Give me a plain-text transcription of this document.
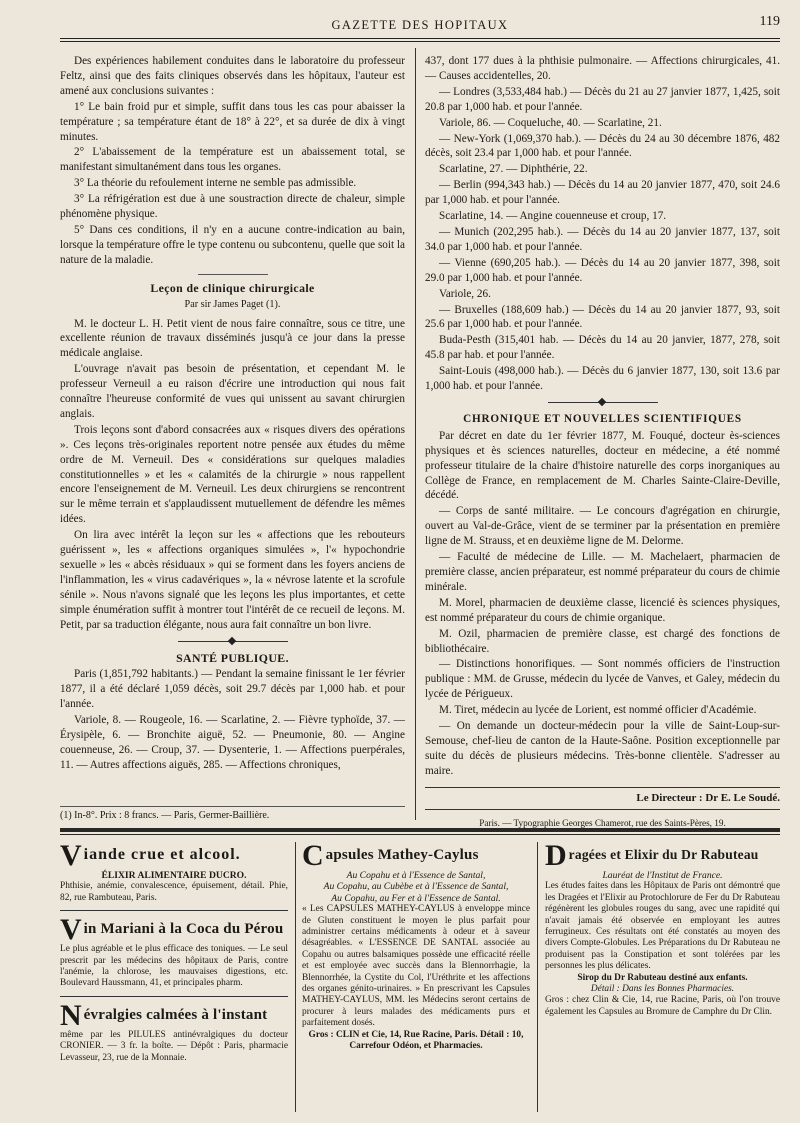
GAZETTE DES HOPITAUX	119

Des expériences habilement conduites dans le laboratoire du professeur Feltz, ainsi que des faits cliniques observés dans les hôpitaux, l'auteur est amené aux conclusions suivantes :

1° Le bain froid pur et simple, suffit dans tous les cas pour abaisser la température ; sa température étant de 18° à 22°, et sa durée de dix à vingt minutes.

2° L'abaissement de la température est un abaissement total, se manifestant simultanément dans tous les organes.

3° La théorie du refoulement interne ne semble pas admissible.

3° La réfrigération est due à une soustraction directe de chaleur, simple phénomène physique.

5° Dans ces conditions, il n'y en a aucune contre-indication au bain, lorsque la température offre le type contenu ou subcontenu, quelle que soit la nature de la maladie.

Leçon de clinique chirurgicale
Par sir James Paget (1).

M. le docteur L. H. Petit vient de nous faire connaître, sous ce titre, une excellente réunion de travaux disséminés jusqu'à ce jour dans la presse médicale anglaise.

L'ouvrage n'avait pas besoin de présentation, et cependant M. le professeur Verneuil a eu raison d'écrire une introduction qui nous fait connaître l'heureuse conformité de vues qui unissent au savant chirurgien anglais.

Trois leçons sont d'abord consacrées aux « risques divers des opérations ». Ces leçons très-originales reportent notre pensée aux études du même ordre de M. Verneuil. Des « considérations sur quelques maladies constitutionnelles » et les « calamités de la chirurgie » nous rappellent encore l'enseignement de M. Verneuil. Les deux chirurgiens se rencontrent sur le même terrain et s'applaudissent mutuellement de défendre les mêmes idées.

On lira avec intérêt la leçon sur les « affections que les rebouteurs guérissent », les « affections organiques simulées », l'« hypochondrie sexuelle » les « abcès résiduaux » qui se forment dans les foyers anciens de l'inflammation, les « virus cadavériques », la « névrose latente et la scrofule sénile ». Nous n'avons signalé que les leçons les plus importantes, et cette simple énumération suffit à montrer tout l'intérêt de ce recueil de leçons. M. Petit, par sa traduction élégante, nous aura fait connaître un bon livre.

SANTÉ PUBLIQUE.

Paris (1,851,792 habitants.) — Pendant la semaine finissant le 1er février 1877, il a été déclaré 1,059 décès, soit 29.7 décès par 1,000 hab. et pour l'année.

Variole, 8. — Rougeole, 16. — Scarlatine, 2. — Fièvre typhoïde, 37. — Érysipèle, 6. — Bronchite aiguë, 52. — Pneumonie, 80. — Angine couenneuse, 26. — Croup, 37. — Dysenterie, 1. — Affections puerpérales, 11. — Autres affections aiguës, 285. — Affections chroniques,

(1) In-8°. Prix : 8 francs. — Paris, Germer-Baillière.

437, dont 177 dues à la phthisie pulmonaire. — Affections chirurgicales, 41. — Causes accidentelles, 20.

— Londres (3,533,484 hab.) — Décès du 21 au 27 janvier 1877, 1,425, soit 20.8 par 1,000 hab. et pour l'année.

Variole, 86. — Coqueluche, 40. — Scarlatine, 21.

— New-York (1,069,370 hab.). — Décès du 24 au 30 décembre 1876, 482 décès, soit 23.4 par 1,000 hab. et pour l'année.

Scarlatine, 27. — Diphthérie, 22.

— Berlin (994,343 hab.) — Décès du 14 au 20 janvier 1877, 470, soit 24.6 par 1,000 hab. et pour l'année.

Scarlatine, 14. — Angine couenneuse et croup, 17.

— Munich (202,295 hab.). — Décès du 14 au 20 janvier 1877, 137, soit 34.0 par 1,000 hab. et pour l'année.

— Vienne (690,205 hab.). — Décès du 14 au 20 janvier 1877, 398, soit 29.0 par 1,000 hab. et pour l'année.

Variole, 26.

— Bruxelles (188,609 hab.) — Décès du 14 au 20 janvier 1877, 93, soit 25.6 par 1,000 hab. et pour l'année.

Buda-Pesth (315,401 hab. — Décès du 14 au 20 janvier, 1877, 278, soit 45.8 par hab. et pour l'année.

Saint-Louis (498,000 hab.). — Décès du 6 janvier 1877, 130, soit 13.6 par 1,000 hab. et pour l'année.

CHRONIQUE ET NOUVELLES SCIENTIFIQUES

Par décret en date du 1er février 1877, M. Fouqué, docteur ès-sciences physiques et ès sciences naturelles, docteur en médecine, a été nommé professeur titulaire de la chaire d'histoire naturelle des corps inorganiques au Collège de France, en remplacement de M. Charles Sainte-Claire-Deville, décédé.

— Corps de santé militaire. — Le concours d'agrégation en chirurgie, ouvert au Val-de-Grâce, vient de se terminer par la présentation en première ligne de M. Strauss, et en deuxième ligne de M. Delorme.

— Faculté de médecine de Lille. — M. Machelaert, pharmacien de première classe, ancien préparateur, est nommé préparateur du cours de chimie minérale.

M. Morel, pharmacien de deuxième classe, licencié ès sciences physiques, est nommé préparateur du cours de chimie organique.

M. Ozil, pharmacien de première classe, est chargé des fonctions de bibliothécaire.

— Distinctions honorifiques. — Sont nommés officiers de l'instruction publique : MM. de Grusse, médecin du lycée de Vanves, et Galey, médecin du lycée de Périgueux.

M. Tiret, médecin au lycée de Lorient, est nommé officier d'Académie.

— On demande un docteur-médecin pour la ville de Saint-Loup-sur-Semouse, chef-lieu de canton de la Haute-Saône. Position exceptionnelle par suite du décès de plusieurs médecins. Très-bonne clientèle. S'adresser au maire.

Le Directeur : Dr E. Le Soudé.
Paris. — Typographie Georges Chamerot, rue des Saints-Pères, 19.
V iande crue et alcool.
ÉLIXIR ALIMENTAIRE DUCRO.
Phthisie, anémie, convalescence, épuisement, détail. Phie, 82, rue Rambuteau, Paris.
V in Mariani à la Coca du Pérou
Le plus agréable et le plus efficace des toniques. — Le seul prescrit par les médecins des hôpitaux de Paris, contre l'anémie, la chlorose, les mauvaises digestions, etc. Boulevard Haussmann, 41, et principales pharm.
N évralgies calmées à l'instant
même par les PILULES antinévralgiques du docteur CRONIER. — 3 fr. la boîte. — Dépôt : Paris, pharmacie Levasseur, 23, rue de la Monnaie.
C apsules Mathey-Caylus
Au Copahu et à l'Essence de Santal,
Au Copahu, au Cubèbe et à l'Essence de Santal,
Au Copahu, au Fer et à l'Essence de Santal.
« Les CAPSULES MATHEY-CAYLUS à enveloppe mince de Gluten constituent le moyen le plus parfait pour administrer certains médicaments à odeur et à saveur désagréables. « L'ESSENCE DE SANTAL associée au Copahu ou autres balsamiques possède une efficacité réelle et est employée avec succès dans la Blennorrhagie, la Blennorrhée, la Cystite du Col, l'Uréthrite et les affections des organes génito-urinaires. » En prescrivant les Capsules MATHEY-CAYLUS, MM. les Médecins seront certains de procurer à leurs malades des médicaments purs et parfaitement dosés.
Gros : CLIN et Cie, 14, Rue Racine, Paris. Détail : 10, Carrefour Odéon, et Pharmacies.
D ragées et Elixir du Dr Rabuteau
Lauréat de l'Institut de France.
Les études faites dans les Hôpitaux de Paris ont démontré que les Dragées et l'Elixir au Protochlorure de Fer du Dr Rabuteau régénèrent les globules rouges du sang, avec une rapidité qui n'avait jamais été observée en employant les autres ferrugineux. Ces résultats ont été constatés au moyen des divers Compte-Globules. Les Préparations du Dr Rabuteau ne produisent pas la Constipation et sont tolérées par les personnes les plus délicates.
Sirop du Dr Rabuteau destiné aux enfants.
Détail : Dans les Bonnes Pharmacies.
Gros : chez Clin & Cie, 14, rue Racine, Paris, où l'on trouve également les Capsules au Bromure de Camphre du Dr Clin.
